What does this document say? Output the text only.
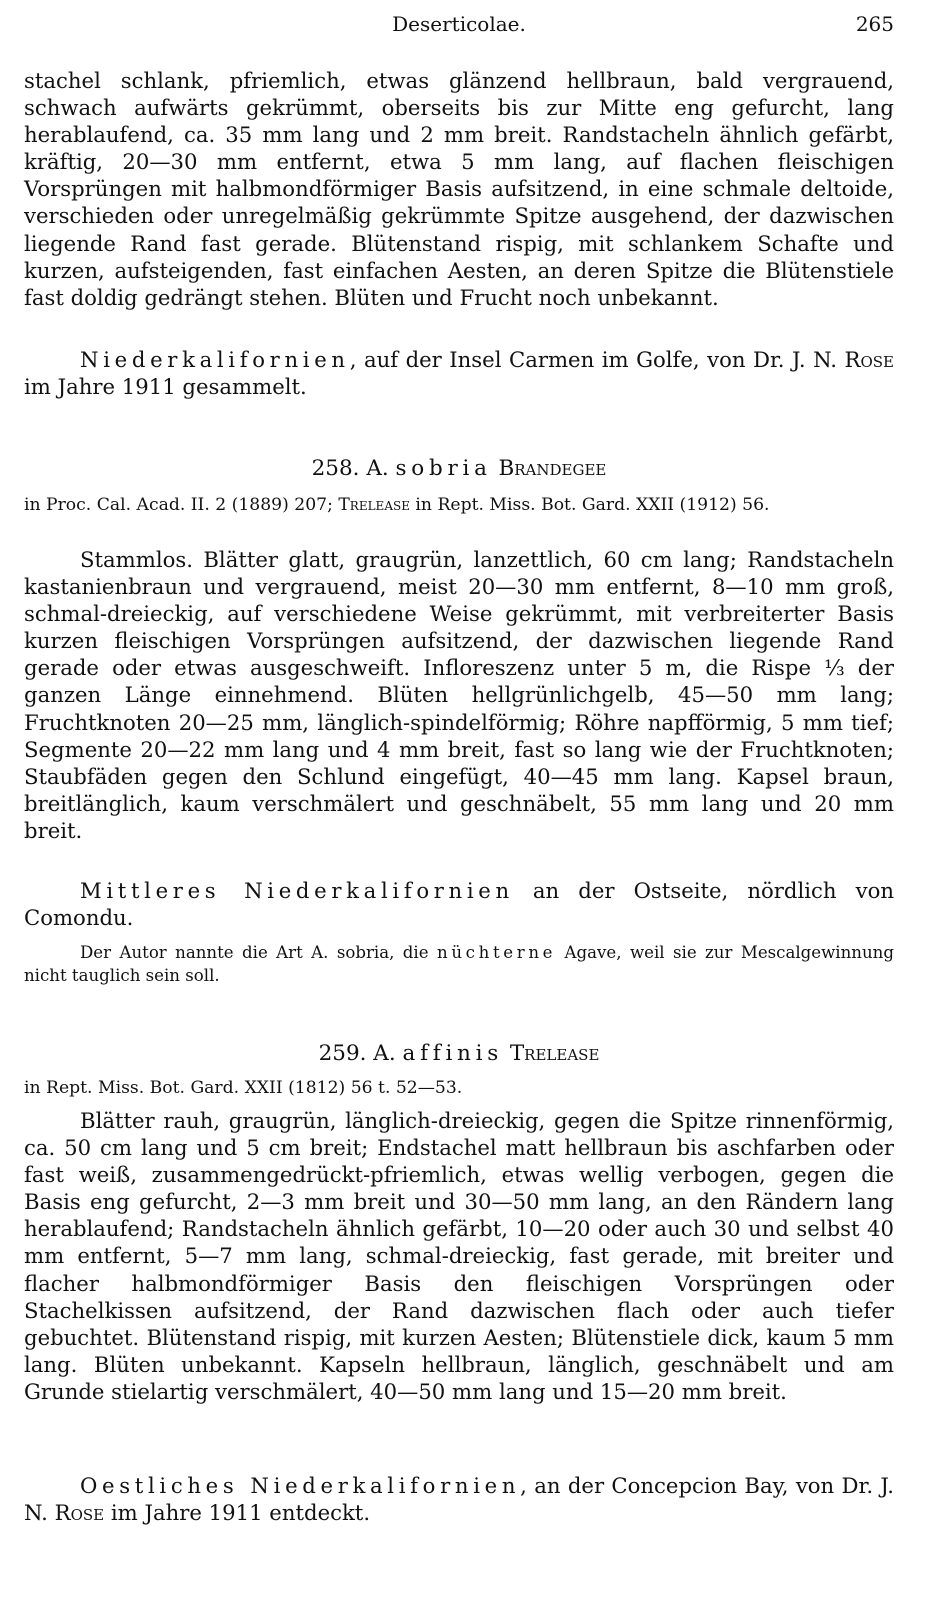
Deserticolae.	265

stachel schlank, pfriemlich, etwas glänzend hellbraun, bald vergrauend, schwach aufwärts gekrümmt, oberseits bis zur Mitte eng gefurcht, lang herablaufend, ca. 35 mm lang und 2 mm breit. Randstacheln ähnlich gefärbt, kräftig, 20—30 mm entfernt, etwa 5 mm lang, auf flachen fleischigen Vorsprüngen mit halbmondförmiger Basis aufsitzend, in eine schmale deltoide, verschieden oder unregelmäßig gekrümmte Spitze ausgehend, der dazwischen liegende Rand fast gerade. Blütenstand rispig, mit schlankem Schafte und kurzen, aufsteigenden, fast einfachen Aesten, an deren Spitze die Blütenstiele fast doldig gedrängt stehen. Blüten und Frucht noch unbekannt.

Niederkalifornien, auf der Insel Carmen im Golfe, von Dr. J. N. Rose im Jahre 1911 gesammelt.

258. A. sobria Brandegee

in Proc. Cal. Acad. II. 2 (1889) 207; Trelease in Rept. Miss. Bot. Gard. XXII (1912) 56.

Stammlos. Blätter glatt, graugrün, lanzettlich, 60 cm lang; Randstacheln kastanienbraun und vergrauend, meist 20—30 mm entfernt, 8—10 mm groß, schmal-dreieckig, auf verschiedene Weise gekrümmt, mit verbreiterter Basis kurzen fleischigen Vorsprüngen aufsitzend, der dazwischen liegende Rand gerade oder etwas ausgeschweift. Infloreszenz unter 5 m, die Rispe ⅓ der ganzen Länge einnehmend. Blüten hellgrünlichgelb, 45—50 mm lang; Fruchtknoten 20—25 mm, länglich-spindelförmig; Röhre napfförmig, 5 mm tief; Segmente 20—22 mm lang und 4 mm breit, fast so lang wie der Fruchtknoten; Staubfäden gegen den Schlund eingefügt, 40—45 mm lang. Kapsel braun, breitlänglich, kaum verschmälert und geschnäbelt, 55 mm lang und 20 mm breit.

Mittleres Niederkalifornien an der Ostseite, nördlich von Comondu.

Der Autor nannte die Art A. sobria, die nüchterne Agave, weil sie zur Mescalgewinnung nicht tauglich sein soll.

259. A. affinis Trelease

in Rept. Miss. Bot. Gard. XXII (1812) 56 t. 52—53.

Blätter rauh, graugrün, länglich-dreieckig, gegen die Spitze rinnenförmig, ca. 50 cm lang und 5 cm breit; Endstachel matt hellbraun bis aschfarben oder fast weiß, zusammengedrückt-pfriemlich, etwas wellig verbogen, gegen die Basis eng gefurcht, 2—3 mm breit und 30—50 mm lang, an den Rändern lang herablaufend; Randstacheln ähnlich gefärbt, 10—20 oder auch 30 und selbst 40 mm entfernt, 5—7 mm lang, schmal-dreieckig, fast gerade, mit breiter und flacher halbmondförmiger Basis den fleischigen Vorsprüngen oder Stachelkissen aufsitzend, der Rand dazwischen flach oder auch tiefer gebuchtet. Blütenstand rispig, mit kurzen Aesten; Blütenstiele dick, kaum 5 mm lang. Blüten unbekannt. Kapseln hellbraun, länglich, geschnäbelt und am Grunde stielartig verschmälert, 40—50 mm lang und 15—20 mm breit.

Oestliches Niederkalifornien, an der Concepcion Bay, von Dr. J. N. Rose im Jahre 1911 entdeckt.
